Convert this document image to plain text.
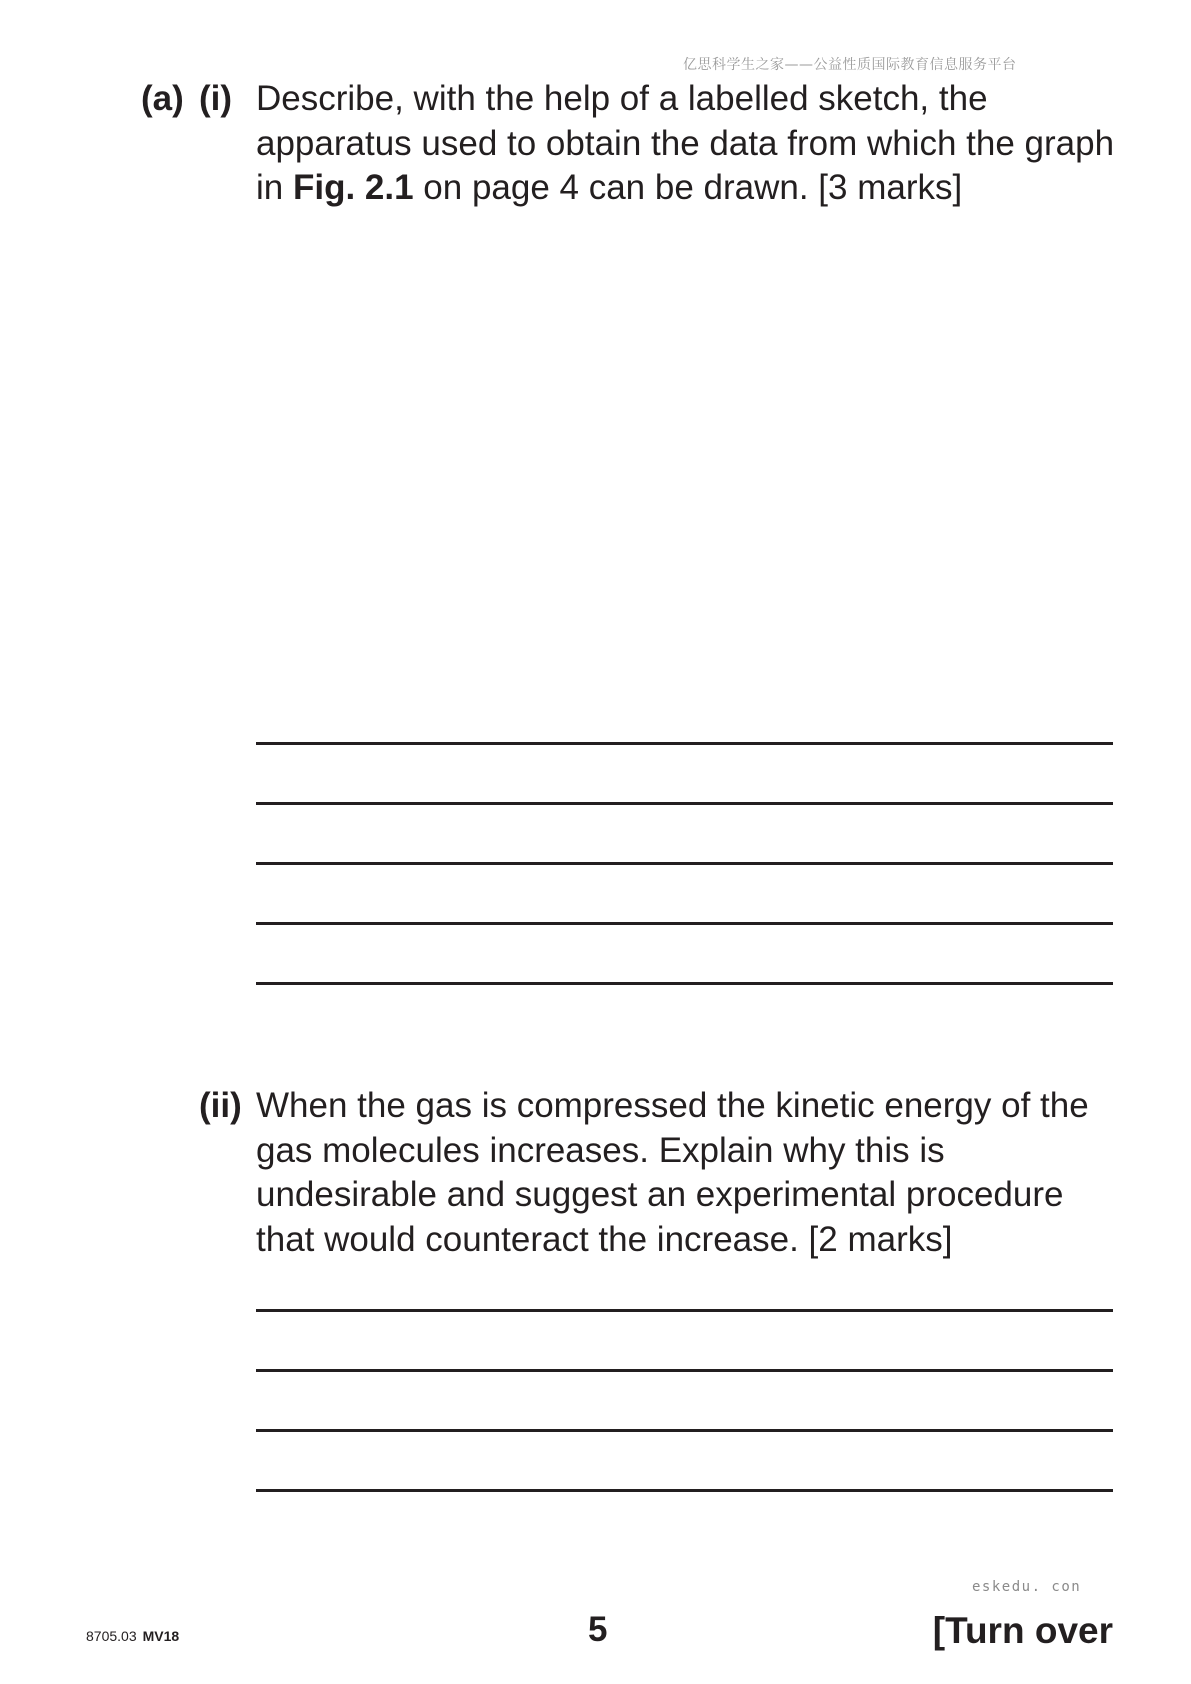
亿思科学生之家——公益性质国际教育信息服务平台
(a) (i) Describe, with the help of a labelled sketch, the apparatus used to obtain the data from which the graph in Fig. 2.1 on page 4 can be drawn. [3 marks]
(ii) When the gas is compressed the kinetic energy of the gas molecules increases. Explain why this is undesirable and suggest an experimental procedure that would counteract the increase. [2 marks]
eskedu. con
8705.03 MV18	5	[Turn over
